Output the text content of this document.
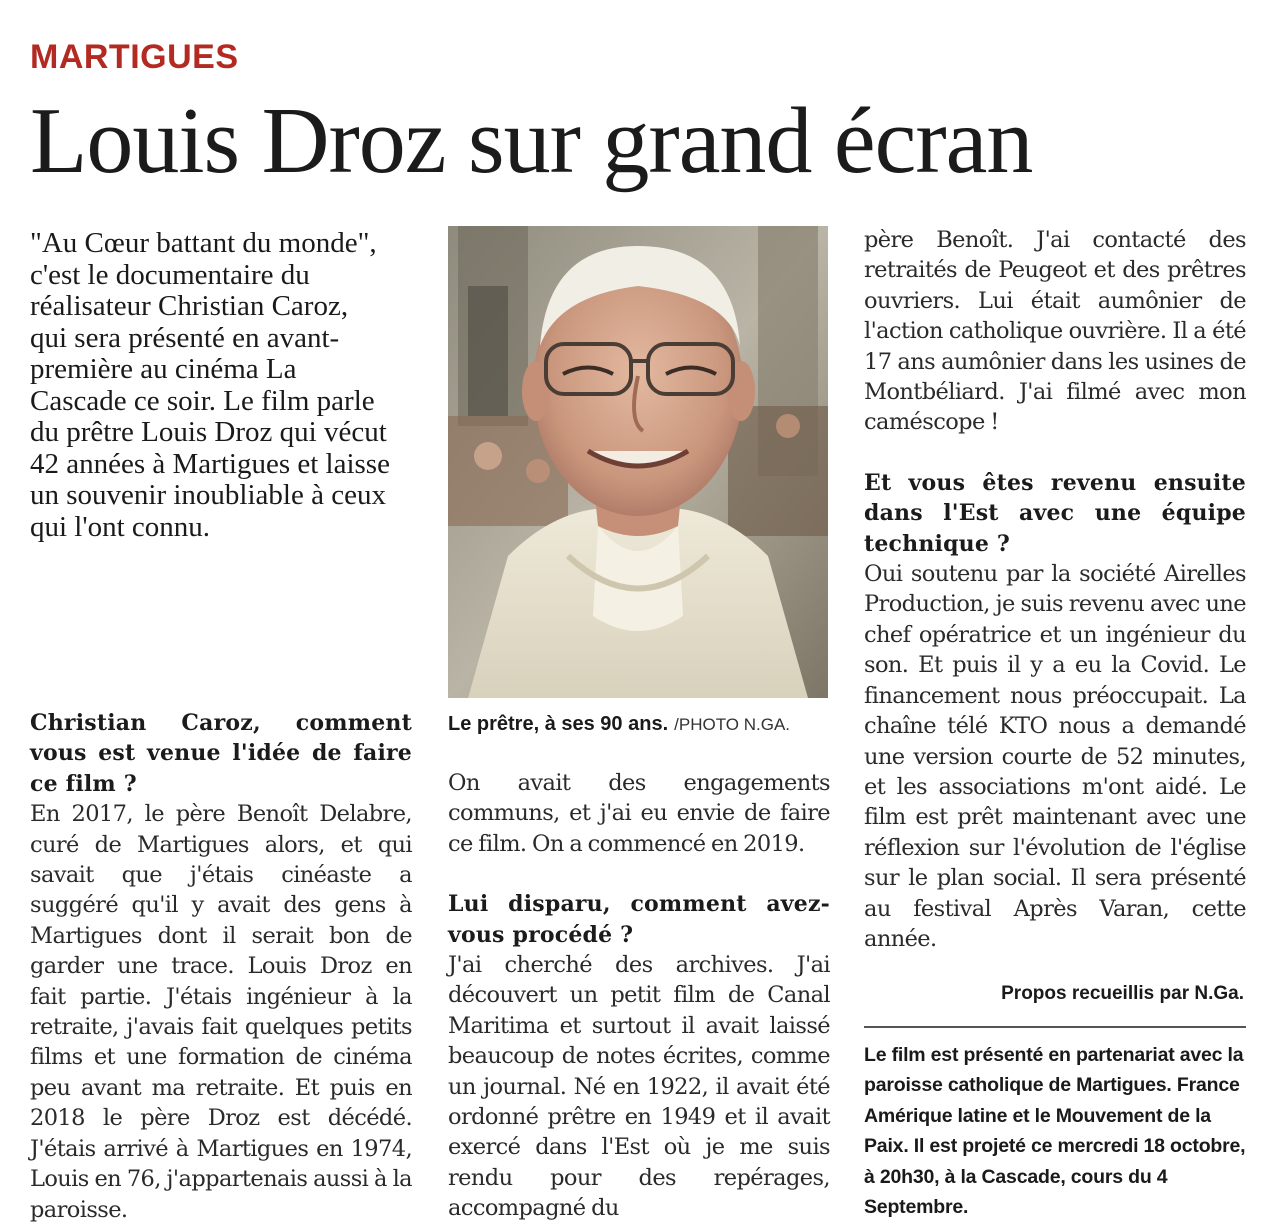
MARTIGUES
Louis Droz sur grand écran
"Au Cœur battant du monde", c'est le documentaire du réalisateur Christian Caroz, qui sera présenté en avant-première au cinéma La Cascade ce soir. Le film parle du prêtre Louis Droz qui vécut 42 années à Martigues et laisse un souvenir inoubliable à ceux qui l'ont connu.

Christian Caroz, comment vous est venue l'idée de faire ce film ?

En 2017, le père Benoît Delabre, curé de Martigues alors, et qui savait que j'étais cinéaste a suggéré qu'il y avait des gens à Martigues dont il serait bon de garder une trace. Louis Droz en fait partie. J'étais ingénieur à la retraite, j'avais fait quelques petits films et une formation de cinéma peu avant ma retraite. Et puis en 2018 le père Droz est décédé. J'étais arrivé à Martigues en 1974, Louis en 76, j'appartenais aussi à la paroisse.

Le prêtre, à ses 90 ans. /PHOTO N.GA.

On avait des engagements communs, et j'ai eu envie de faire ce film. On a commencé en 2019.

Lui disparu, comment avez-vous procédé ?

J'ai cherché des archives. J'ai découvert un petit film de Canal Maritima et surtout il avait laissé beaucoup de notes écrites, comme un journal. Né en 1922, il avait été ordonné prêtre en 1949 et il avait exercé dans l'Est où je me suis rendu pour des repérages, accompagné du

père Benoît. J'ai contacté des retraités de Peugeot et des prêtres ouvriers. Lui était aumônier de l'action catholique ouvrière. Il a été 17 ans aumônier dans les usines de Montbéliard. J'ai filmé avec mon caméscope !

Et vous êtes revenu ensuite dans l'Est avec une équipe technique ?

Oui soutenu par la société Airelles Production, je suis revenu avec une chef opératrice et un ingénieur du son. Et puis il y a eu la Covid. Le financement nous préoccupait. La chaîne télé KTO nous a demandé une version courte de 52 minutes, et les associations m'ont aidé. Le film est prêt maintenant avec une réflexion sur l'évolution de l'église sur le plan social. Il sera présenté au festival Après Varan, cette année.

Propos recueillis par N.Ga.
Le film est présenté en partenariat avec la paroisse catholique de Martigues. France Amérique latine et le Mouvement de la Paix. Il est projeté ce mercredi 18 octobre, à 20h30, à la Cascade, cours du 4 Septembre.
